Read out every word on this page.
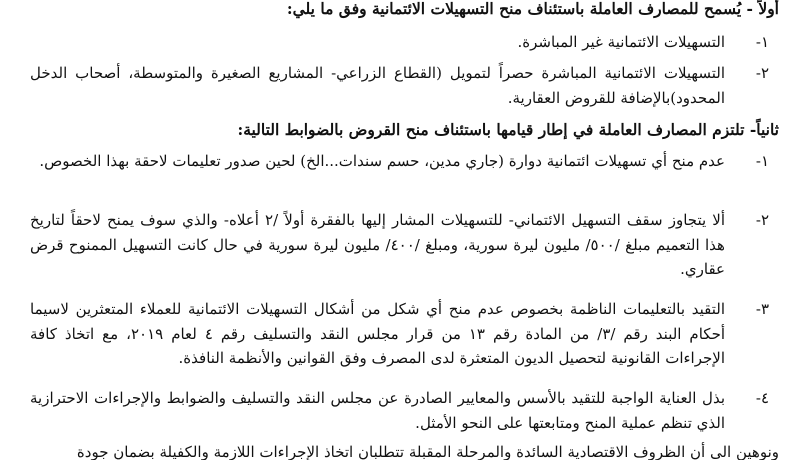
أولاً - يُسمح للمصارف العاملة باستئناف منح التسهيلات الائتمانية وفق ما يلي:
١-
التسهيلات الائتمانية غير المباشرة.
٢-
التسهيلات الائتمانية المباشرة حصراً لتمويل (القطاع الزراعي- المشاريع الصغيرة والمتوسطة، أصحاب الدخل المحدود)بالإضافة للقروض العقارية.
ثانياً- تلتزم المصارف العاملة في إطار قيامها باستئناف منح القروض بالضوابط التالية:
١-
عدم منح أي تسهيلات ائتمانية دوارة (جاري مدين، حسم سندات...الخ) لحين صدور تعليمات لاحقة بهذا الخصوص.
٢-
ألا يتجاوز سقف التسهيل الائتماني- للتسهيلات المشار إليها بالفقرة أولاً /٢ أعلاه- والذي سوف يمنح لاحقاً لتاريخ هذا التعميم مبلغ /٥٠٠/ مليون ليرة سورية، ومبلغ /٤٠٠/ مليون ليرة سورية في حال كانت التسهيل الممنوح قرض عقاري.
٣-
التقيد بالتعليمات الناظمة بخصوص عدم منح أي شكل من أشكال التسهيلات الائتمانية للعملاء المتعثرين لاسيما أحكام البند رقم /٣/ من المادة رقم ١٣ من قرار مجلس النقد والتسليف رقم ٤ لعام ٢٠١٩، مع اتخاذ كافة الإجراءات القانونية لتحصيل الديون المتعثرة لدى المصرف وفق القوانين والأنظمة النافذة.
٤-
بذل العناية الواجبة للتقيد بالأسس والمعايير الصادرة عن مجلس النقد والتسليف والضوابط والإجراءات الاحترازية الذي تنظم عملية المنح ومتابعتها على النحو الأمثل.
ونوهين الى أن الظروف الاقتصادية السائدة والمرحلة المقبلة تتطلبان اتخاذ الإجراءات اللازمة والكفيلة بضمان جودة
